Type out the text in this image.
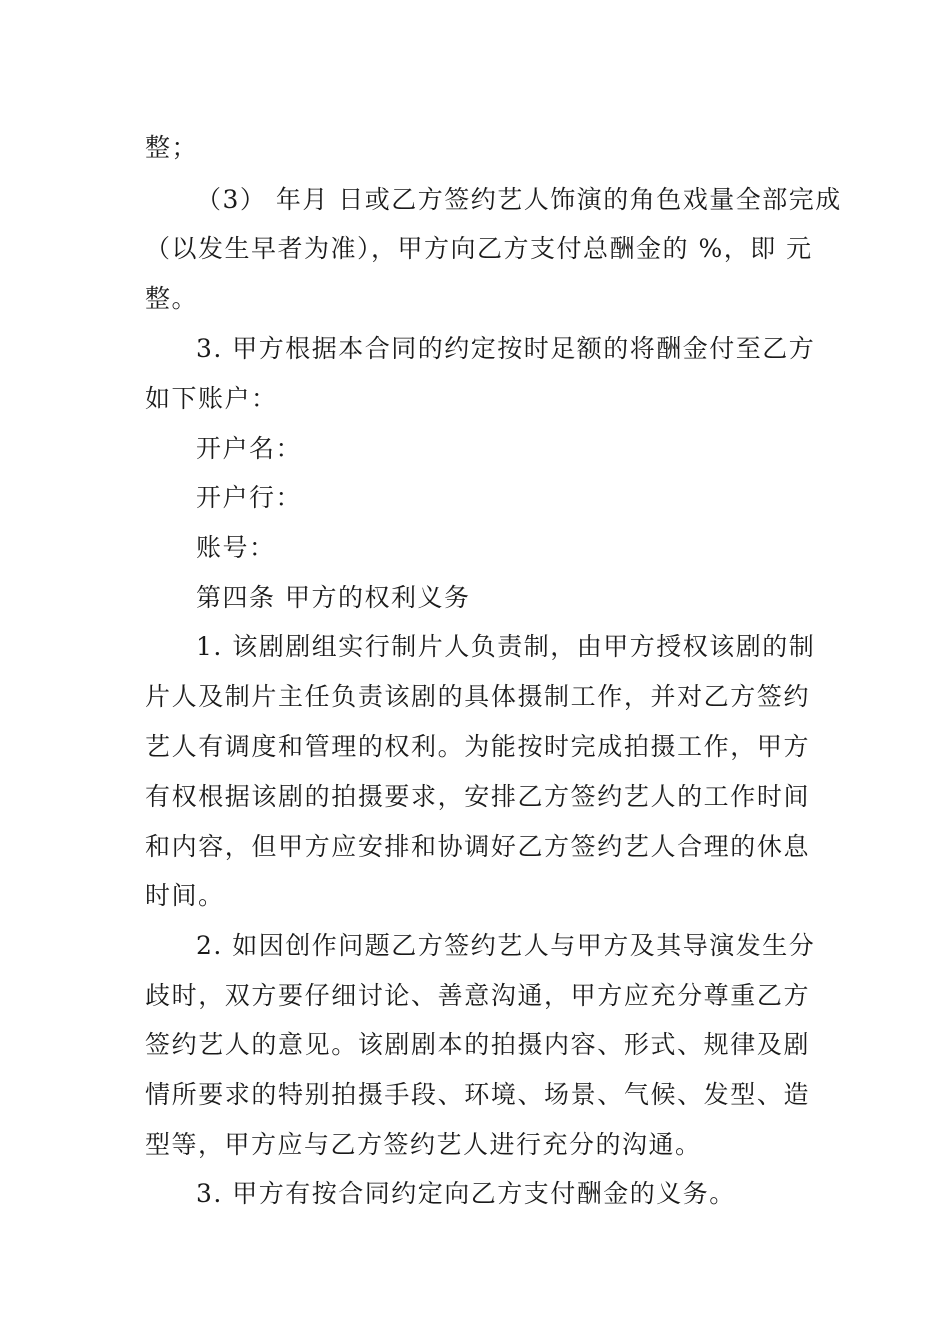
整；
（3） 年月 日或乙方签约艺人饰演的角色戏量全部完成
（以发生早者为准），甲方向乙方支付总酬金的 %，即 元
整。
3. 甲方根据本合同的约定按时足额的将酬金付至乙方
如下账户：
开户名：
开户行：
账号：
第四条 甲方的权利义务
1. 该剧剧组实行制片人负责制，由甲方授权该剧的制
片人及制片主任负责该剧的具体摄制工作，并对乙方签约
艺人有调度和管理的权利。为能按时完成拍摄工作，甲方
有权根据该剧的拍摄要求，安排乙方签约艺人的工作时间
和内容，但甲方应安排和协调好乙方签约艺人合理的休息
时间。
2. 如因创作问题乙方签约艺人与甲方及其导演发生分
歧时，双方要仔细讨论、善意沟通，甲方应充分尊重乙方
签约艺人的意见。该剧剧本的拍摄内容、形式、规律及剧
情所要求的特别拍摄手段、环境、场景、气候、发型、造
型等，甲方应与乙方签约艺人进行充分的沟通。
3. 甲方有按合同约定向乙方支付酬金的义务。
